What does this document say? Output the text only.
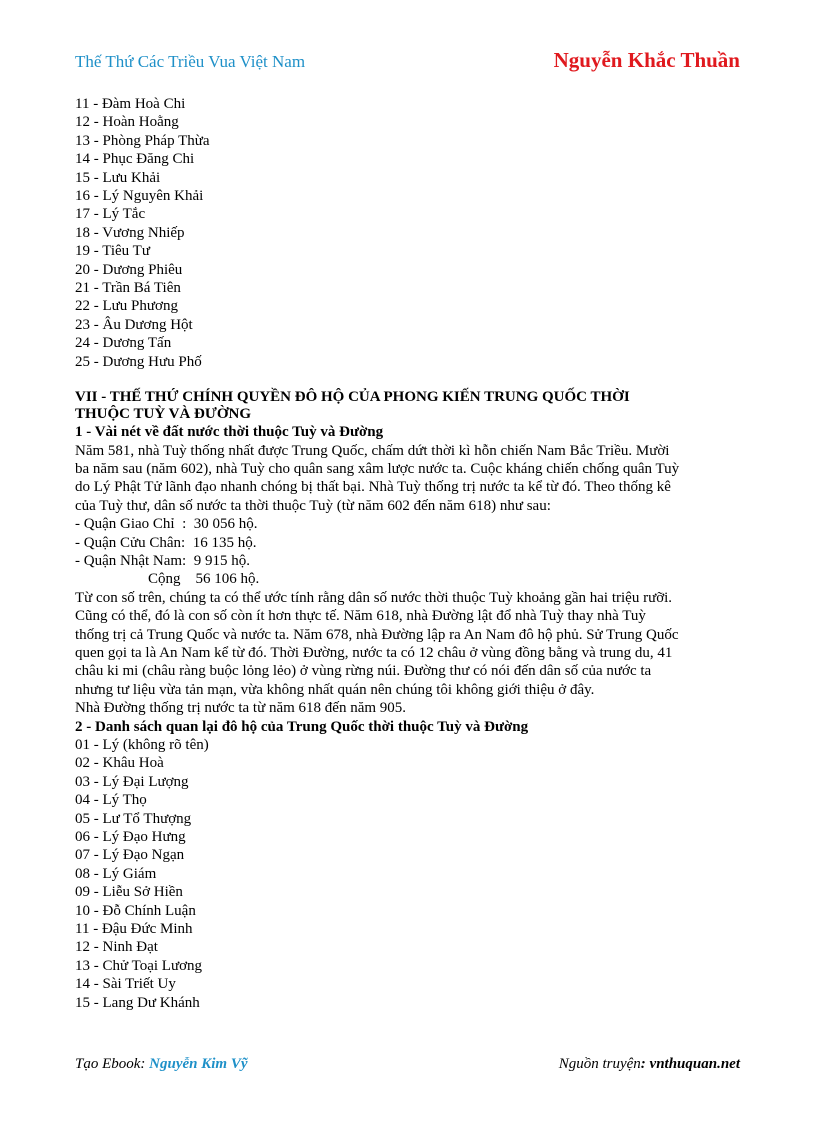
Thế Thứ Các Triều Vua Việt Nam	Nguyễn Khắc Thuần
11 - Đàm Hoà Chi
12 - Hoàn Hoằng
13 - Phòng Pháp Thừa
14 - Phục Đăng Chi
15 - Lưu Khải
16 - Lý Nguyên Khải
17 - Lý Tắc
18 - Vương Nhiếp
19 - Tiêu Tư
20 - Dương Phiêu
21 - Trần Bá Tiên
22 - Lưu Phương
23 - Âu Dương Hột
24 - Dương Tấn
25 - Dương Hưu Phố
VII - THẾ THỨ CHÍNH QUYỀN ĐÔ HỘ CỦA PHONG KIẾN TRUNG QUỐC THỜI
THUỘC TUỲ VÀ ĐƯỜNG
1 - Vài nét về đất nước thời thuộc Tuỳ và Đường
Năm 581, nhà Tuỳ thống nhất được Trung Quốc, chấm dứt thời kì hỗn chiến Nam Bắc Triều. Mười
ba năm sau (năm 602), nhà Tuỳ cho quân sang xâm lược nước ta. Cuộc kháng chiến chống quân Tuỳ
do Lý Phật Tử lãnh đạo nhanh chóng bị thất bại. Nhà Tuỳ thống trị nước ta kể từ đó. Theo thống kê
của Tuỳ thư, dân số nước ta thời thuộc Tuỳ (từ năm 602 đến năm 618) như sau:
- Quận Giao Chỉ  :  30 056 hộ.
- Quận Cửu Chân:  16 135 hộ.
- Quận Nhật Nam:  9 915 hộ.
Cộng    56 106 hộ.
Từ con số trên, chúng ta có thể ước tính rằng dân số nước thời thuộc Tuỳ khoảng gần hai triệu rưỡi.
Cũng có thể, đó là con số còn ít hơn thực tế. Năm 618, nhà Đường lật đổ nhà Tuỳ thay nhà Tuỳ
thống trị cả Trung Quốc và nước ta. Năm 678, nhà Đường lập ra An Nam đô hộ phủ. Sử Trung Quốc
quen gọi ta là An Nam kể từ đó. Thời Đường, nước ta có 12 châu ở vùng đồng bằng và trung du, 41
châu ki mi (châu ràng buộc lỏng lẻo) ở vùng rừng núi. Đường thư có nói đến dân số của nước ta
nhưng tư liệu vừa tản mạn, vừa không nhất quán nên chúng tôi không giới thiệu ở đây.
Nhà Đường thống trị nước ta từ năm 618 đến năm 905.
2 - Danh sách quan lại đô hộ của Trung Quốc thời thuộc Tuỳ và Đường
01 - Lý (không rõ tên)
02 - Khâu Hoà
03 - Lý Đại Lượng
04 - Lý Thọ
05 - Lư Tổ Thượng
06 - Lý Đạo Hưng
07 - Lý Đạo Ngạn
08 - Lý Giám
09 - Liễu Sở Hiền
10 - Đỗ Chính Luận
11 - Đậu Đức Minh
12 - Ninh Đạt
13 - Chử Toại Lương
14 - Sài Triết Uy
15 - Lang Dư Khánh
Tạo Ebook: Nguyễn Kim Vỹ	Nguồn truyện: vnthuquan.net
